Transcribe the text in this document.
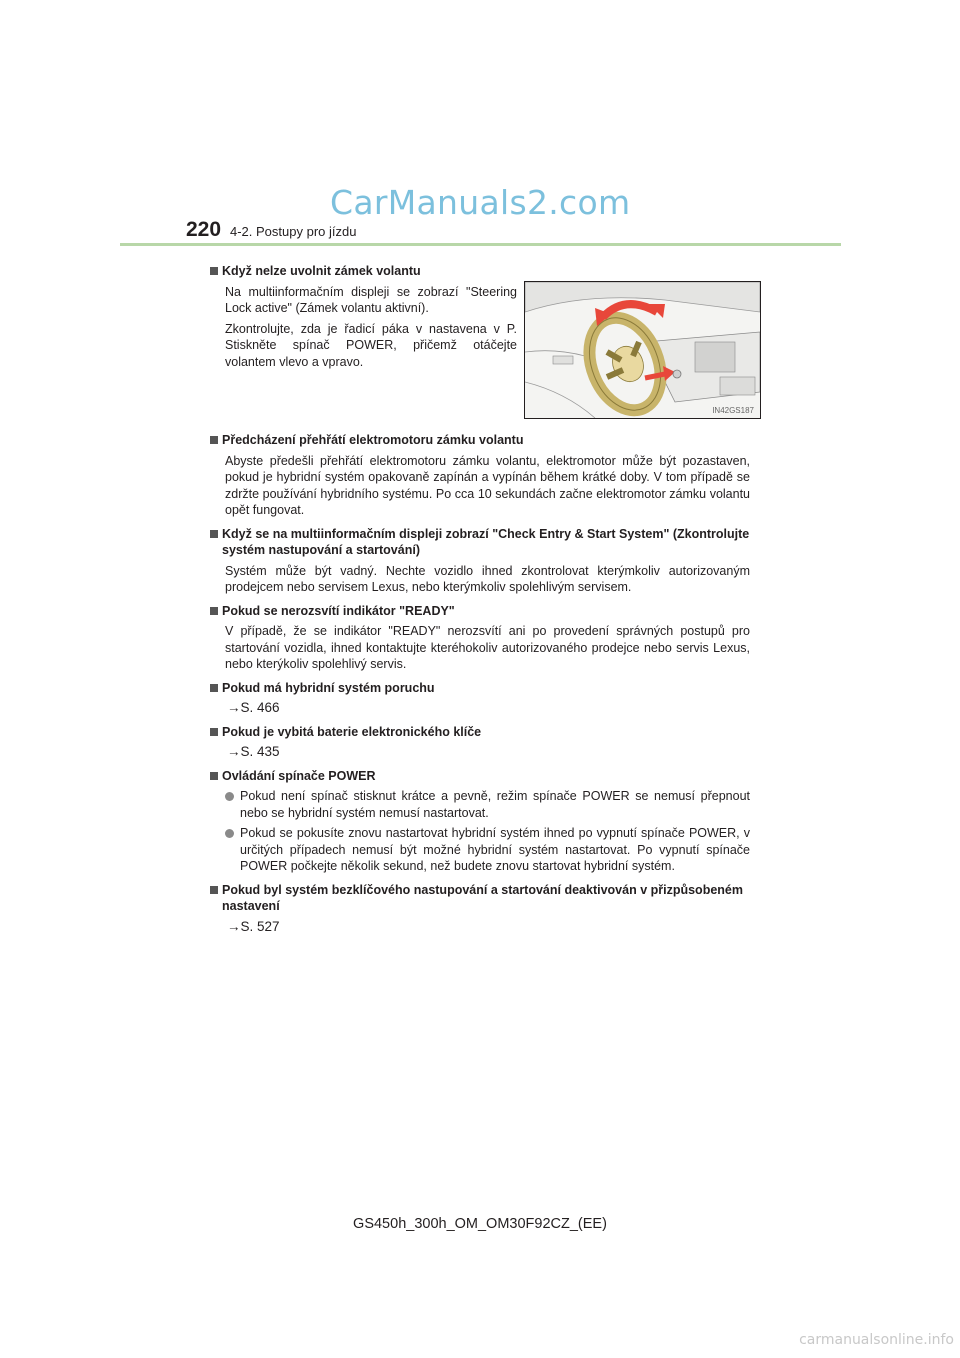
CarManuals2.com
220 4-2. Postupy pro jízdu
IN42GS187
Když nelze uvolnit zámek volantu
Na multiinformačním displeji se zobrazí "Steering Lock active" (Zámek volantu aktivní).
Zkontrolujte, zda je řadicí páka v nastavena v P. Stiskněte spínač POWER, přičemž otáčejte volantem vlevo a vpravo.
Předcházení přehřátí elektromotoru zámku volantu
Abyste předešli přehřátí elektromotoru zámku volantu, elektromotor může být pozastaven, pokud je hybridní systém opakovaně zapínán a vypínán během krátké doby. V tom případě se zdržte používání hybridního systému. Po cca 10 sekundách začne elektromotor zámku volantu opět fungovat.
Když se na multiinformačním displeji zobrazí "Check Entry & Start System" (Zkontrolujte systém nastupování a startování)
Systém může být vadný. Nechte vozidlo ihned zkontrolovat kterýmkoliv autorizovaným prodejcem nebo servisem Lexus, nebo kterýmkoliv spolehlivým servisem.
Pokud se nerozsvítí indikátor "READY"
V případě, že se indikátor "READY" nerozsvítí ani po provedení správných postupů pro startování vozidla, ihned kontaktujte kteréhokoliv autorizovaného prodejce nebo servis Lexus, nebo kterýkoliv spolehlivý servis.
Pokud má hybridní systém poruchu
→S. 466
Pokud je vybitá baterie elektronického klíče
→S. 435
Ovládání spínače POWER
Pokud není spínač stisknut krátce a pevně, režim spínače POWER se nemusí přepnout nebo se hybridní systém nemusí nastartovat.
Pokud se pokusíte znovu nastartovat hybridní systém ihned po vypnutí spínače POWER, v určitých případech nemusí být možné hybridní systém nastartovat. Po vypnutí spínače POWER počkejte několik sekund, než budete znovu startovat hybridní systém.
Pokud byl systém bezklíčového nastupování a startování deaktivován v přizpůsobeném nastavení
→S. 527
GS450h_300h_OM_OM30F92CZ_(EE)
carmanualsonline.info
